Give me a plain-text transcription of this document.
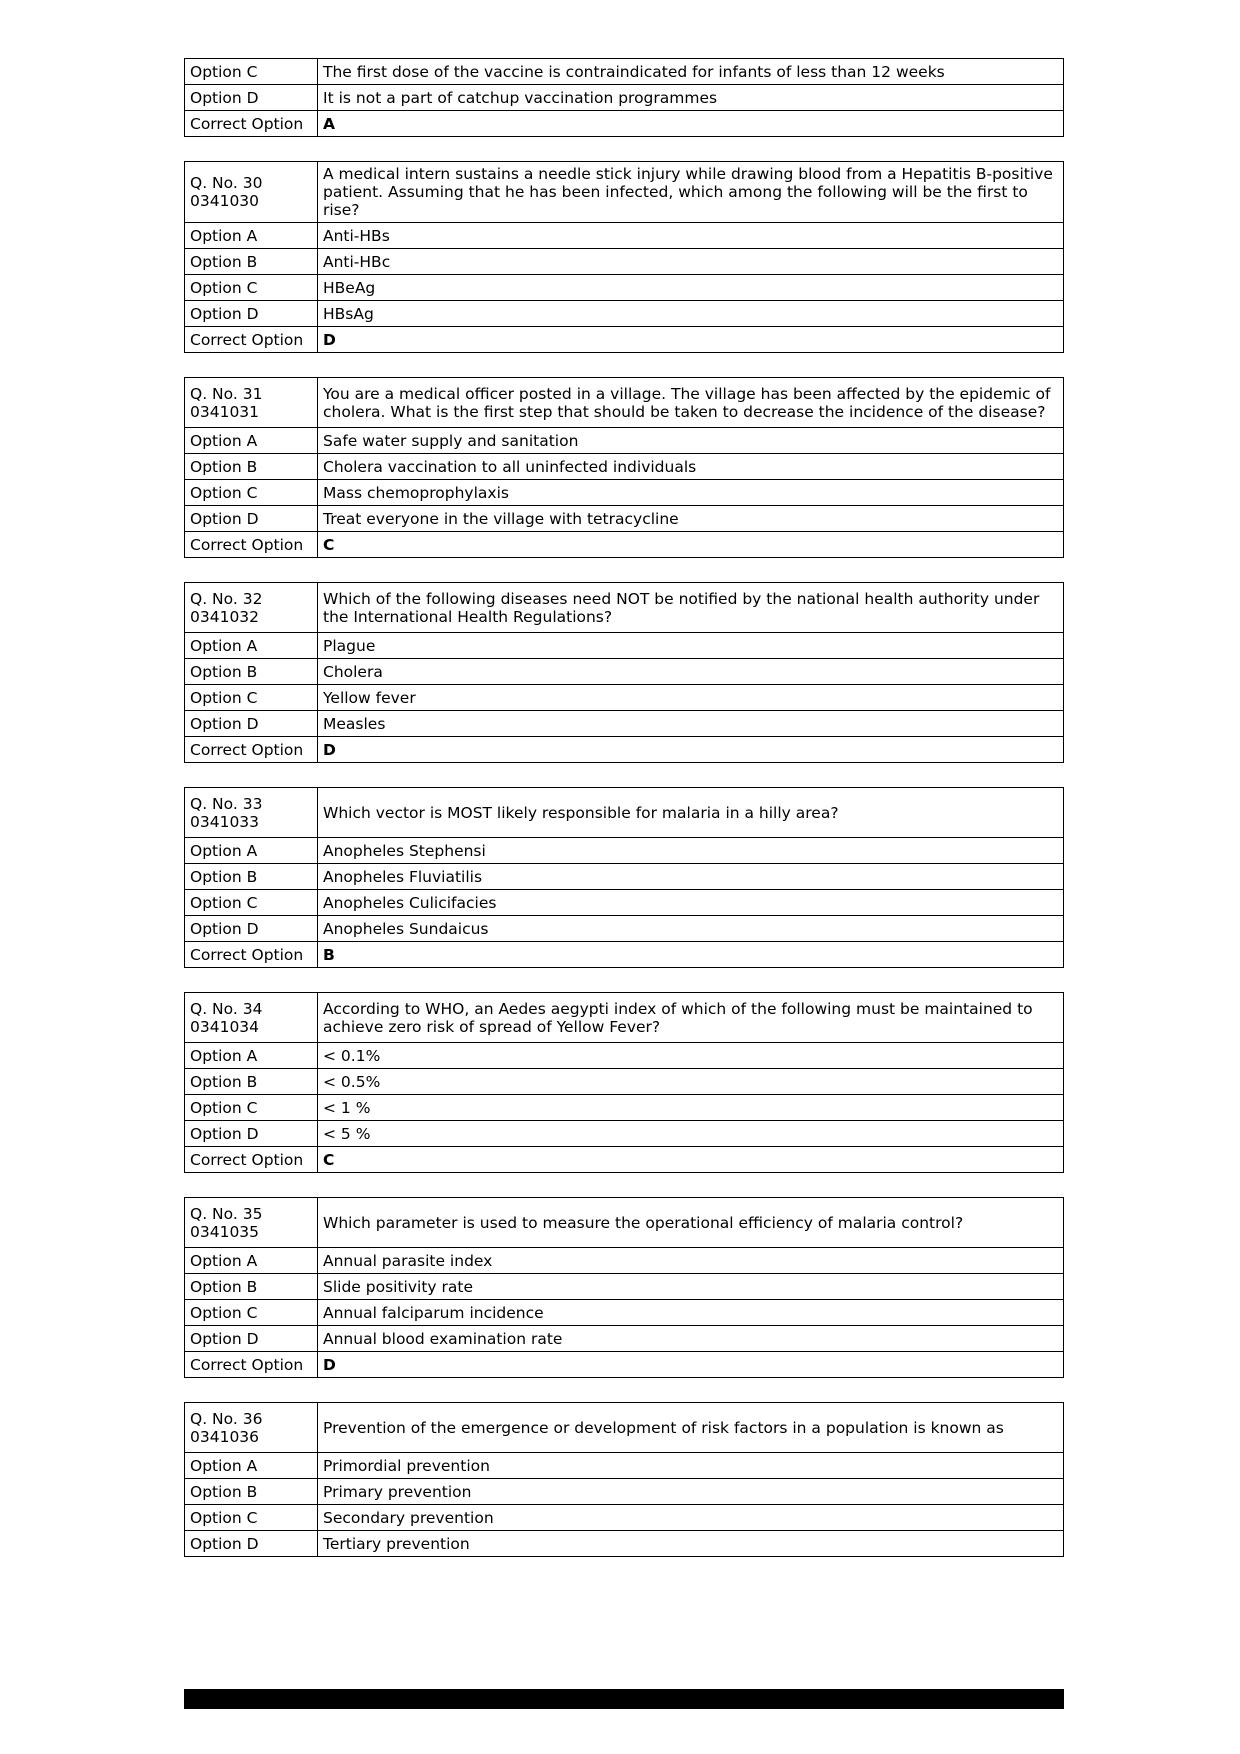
Option C	The first dose of the vaccine is contraindicated for infants of less than 12 weeks
Option D	It is not a part of catchup vaccination programmes
Correct Option	A
Q. No. 30
0341030	A medical intern sustains a needle stick injury while drawing blood from a Hepatitis B-positive patient. Assuming that he has been infected, which among the following will be the first to rise?
Option A	Anti-HBs
Option B	Anti-HBc
Option C	HBeAg
Option D	HBsAg
Correct Option	D
Q. No. 31
0341031	You are a medical officer posted in a village. The village has been affected by the epidemic of cholera. What is the first step that should be taken to decrease the incidence of the disease?
Option A	Safe water supply and sanitation
Option B	Cholera vaccination to all uninfected individuals
Option C	Mass chemoprophylaxis
Option D	Treat everyone in the village with tetracycline
Correct Option	C
Q. No. 32
0341032	Which of the following diseases need NOT be notified by the national health authority under the International Health Regulations?
Option A	Plague
Option B	Cholera
Option C	Yellow fever
Option D	Measles
Correct Option	D
Q. No. 33
0341033	Which vector is MOST likely responsible for malaria in a hilly area?
Option A	Anopheles Stephensi
Option B	Anopheles Fluviatilis
Option C	Anopheles Culicifacies
Option D	Anopheles Sundaicus
Correct Option	B
Q. No. 34
0341034	According to WHO, an Aedes aegypti index of which of the following must be maintained to achieve zero risk of spread of Yellow Fever?
Option A	< 0.1%
Option B	< 0.5%
Option C	< 1 %
Option D	< 5 %
Correct Option	C
Q. No. 35
0341035	Which parameter is used to measure the operational efficiency of malaria control?
Option A	Annual parasite index
Option B	Slide positivity rate
Option C	Annual falciparum incidence
Option D	Annual blood examination rate
Correct Option	D
Q. No. 36
0341036	Prevention of the emergence or development of risk factors in a population is known as
Option A	Primordial prevention
Option B	Primary prevention
Option C	Secondary prevention
Option D	Tertiary prevention
